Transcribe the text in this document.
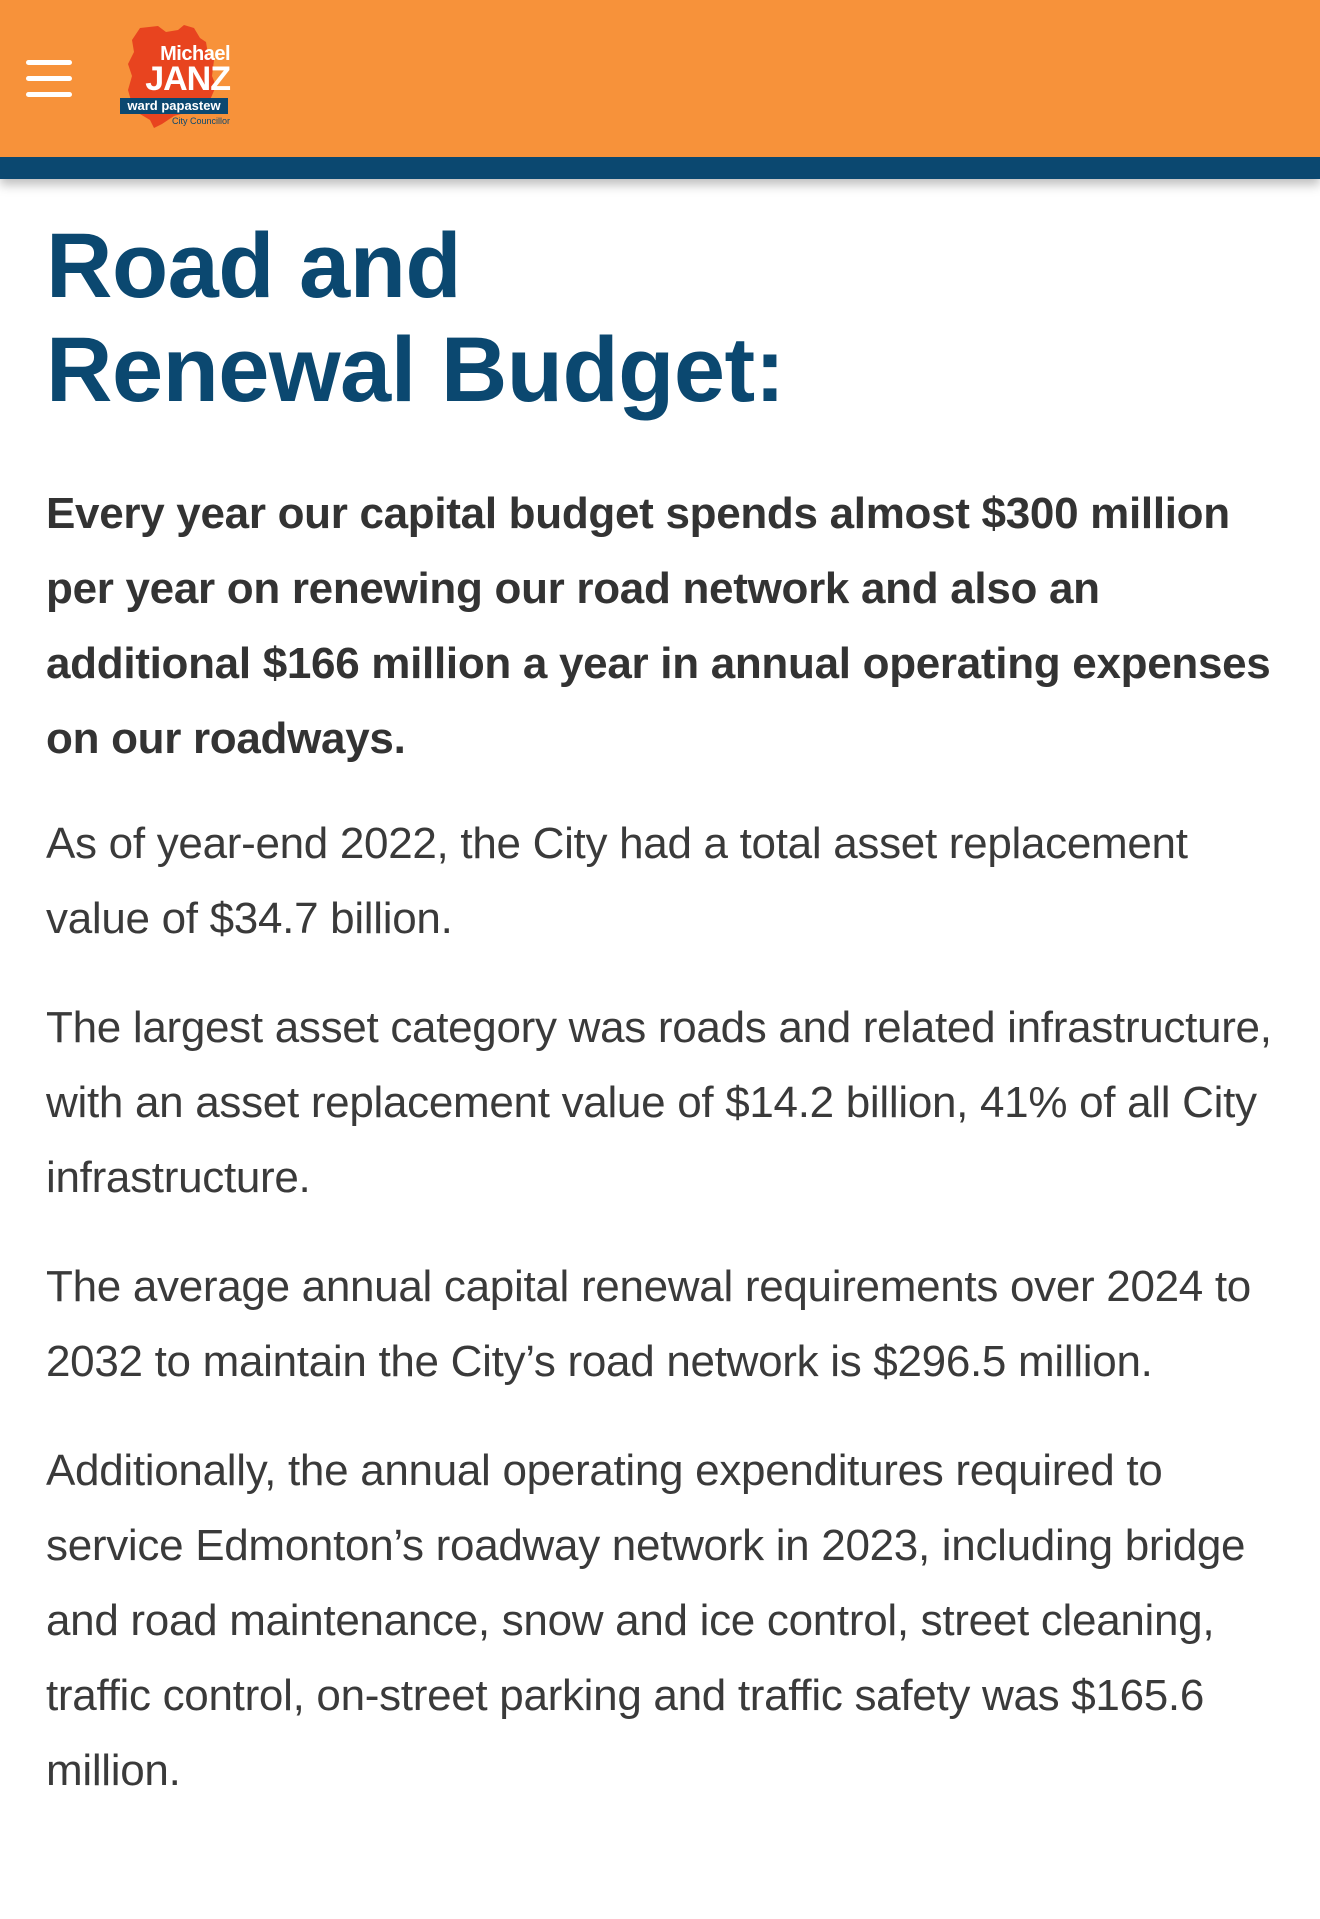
Michael
JANZ
ward papastew
City Councillor
Road and
Renewal Budget:

Every year our capital budget spends almost $300 million per year on renewing our road network and also an additional $166 million a year in annual operating expenses on our roadways.

As of year-end 2022, the City had a total asset replacement value of $34.7 billion.

The largest asset category was roads and related infrastructure, with an asset replacement value of $14.2 billion, 41% of all City infrastructure.

The average annual capital renewal requirements over 2024 to 2032 to maintain the City’s road network is $296.5 million.

Additionally, the annual operating expenditures required to service Edmonton’s roadway network in 2023, including bridge and road maintenance, snow and ice control, street cleaning, traffic control, on-street parking and traffic safety was $165.6 million.
